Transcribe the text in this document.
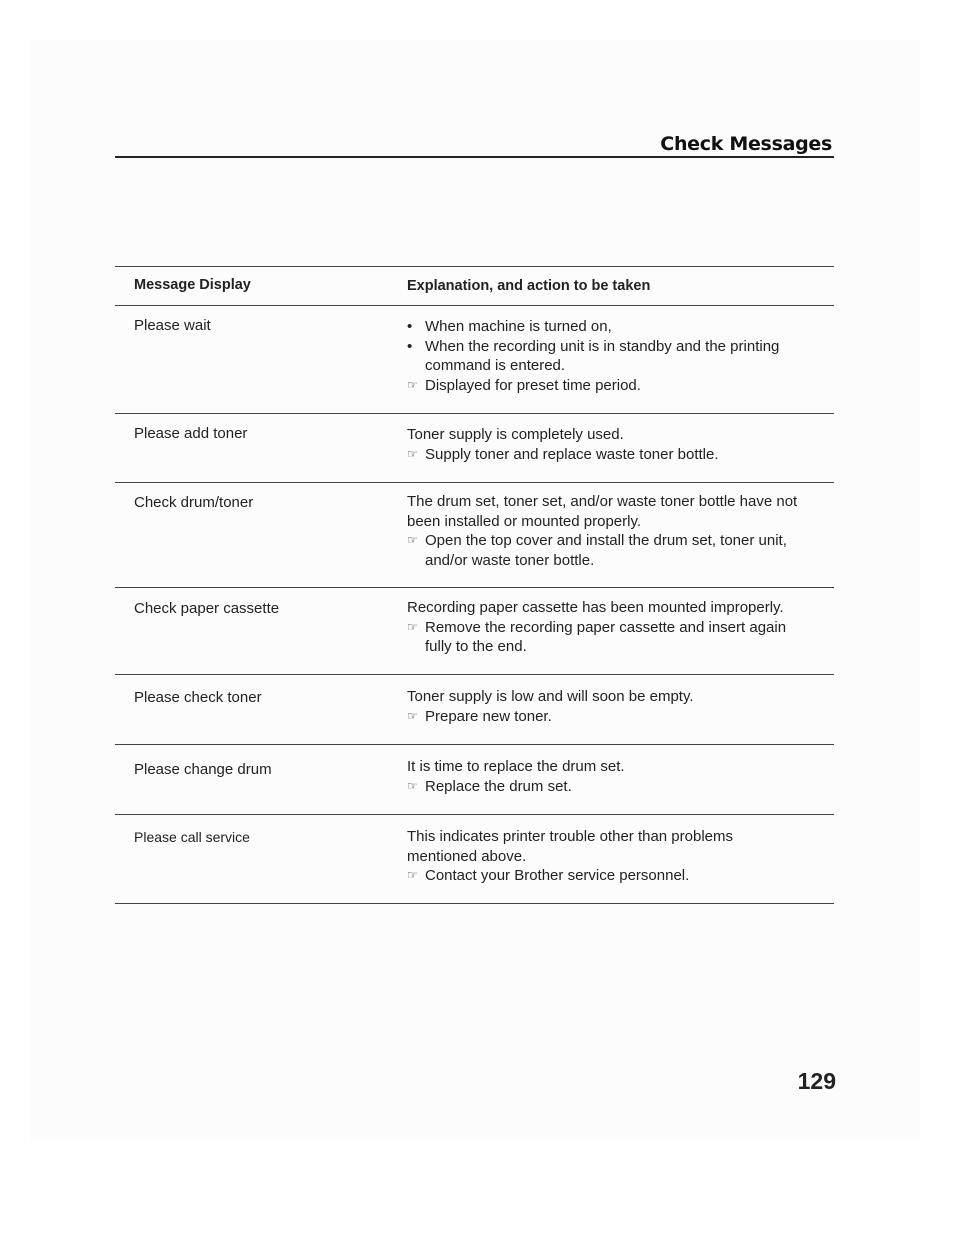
Check Messages
Message Display	Explanation, and action to be taken
Please wait
•	When machine is turned on,
• When the recording unit is in standby and the printing
command is entered.
☞ Displayed for preset time period.
Please add toner	Toner supply is completely used.
☞ Supply toner and replace waste toner bottle.
Check drum/toner	The drum set, toner set, and/or waste toner bottle have not
been installed or mounted properly.
☞ Open the top cover and install the drum set, toner unit,
and/or waste toner bottle.
Check paper cassette	Recording paper cassette has been mounted improperly.
☞ Remove the recording paper cassette and insert again
fully to the end.
Please check toner	Toner supply is low and will soon be empty.
☞ Prepare new toner.
Please change drum	It is time to replace the drum set.
☞ Replace the drum set.
Please call service	This indicates printer trouble other than problems
mentioned above.
☞ Contact your Brother service personnel.
129
